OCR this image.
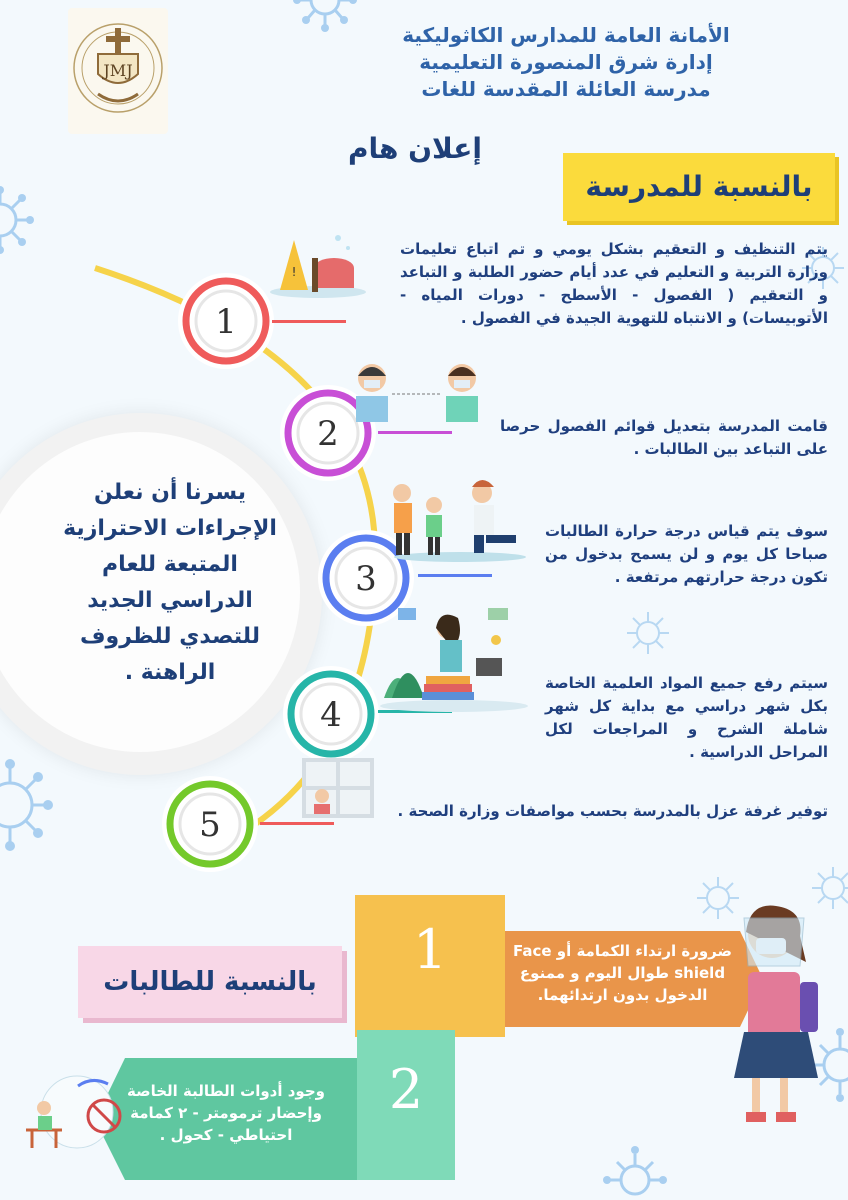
JMJ
الأمانة العامة للمدارس الكاثوليكية
إدارة شرق المنصورة التعليمية
مدرسة العائلة المقدسة للغات
إعلان هام
بالنسبة للمدرسة
يسرنا أن نعلن الإجراءات الاحترازية المتبعة للعام الدراسي الجديد للتصدي للظروف الراهنة .
1
2
3
4
5
!
يتم التنظيف و التعقيم بشكل يومي و تم اتباع تعليمات وزارة التربية و التعليم في عدد أيام حضور الطلبة و التباعد و التعقيم ( الفصول - الأسطح - دورات المياه - الأتوبيسات) و الانتباه للتهوية الجيدة في الفصول .
قامت المدرسة بتعديل قوائم الفصول حرصا على التباعد بين الطالبات .
سوف يتم قياس درجة حرارة الطالبات صباحا كل يوم و لن يسمح بدخول من تكون درجة حرارتهم مرتفعة .
سيتم رفع جميع المواد العلمية الخاصة بكل شهر دراسي مع بداية كل شهر شاملة الشرح و المراجعات لكل المراحل الدراسية .
توفير غرفة عزل بالمدرسة بحسب مواصفات وزارة الصحة .
بالنسبة للطالبات
1	ضرورة ارتداء الكمامة أو Face shield طوال اليوم و ممنوع الدخول بدون ارتدائهما.
2
وجود أدوات الطالبة الخاصة وإحضار ترمومتر - ٢ كمامة احتياطي - كحول .
